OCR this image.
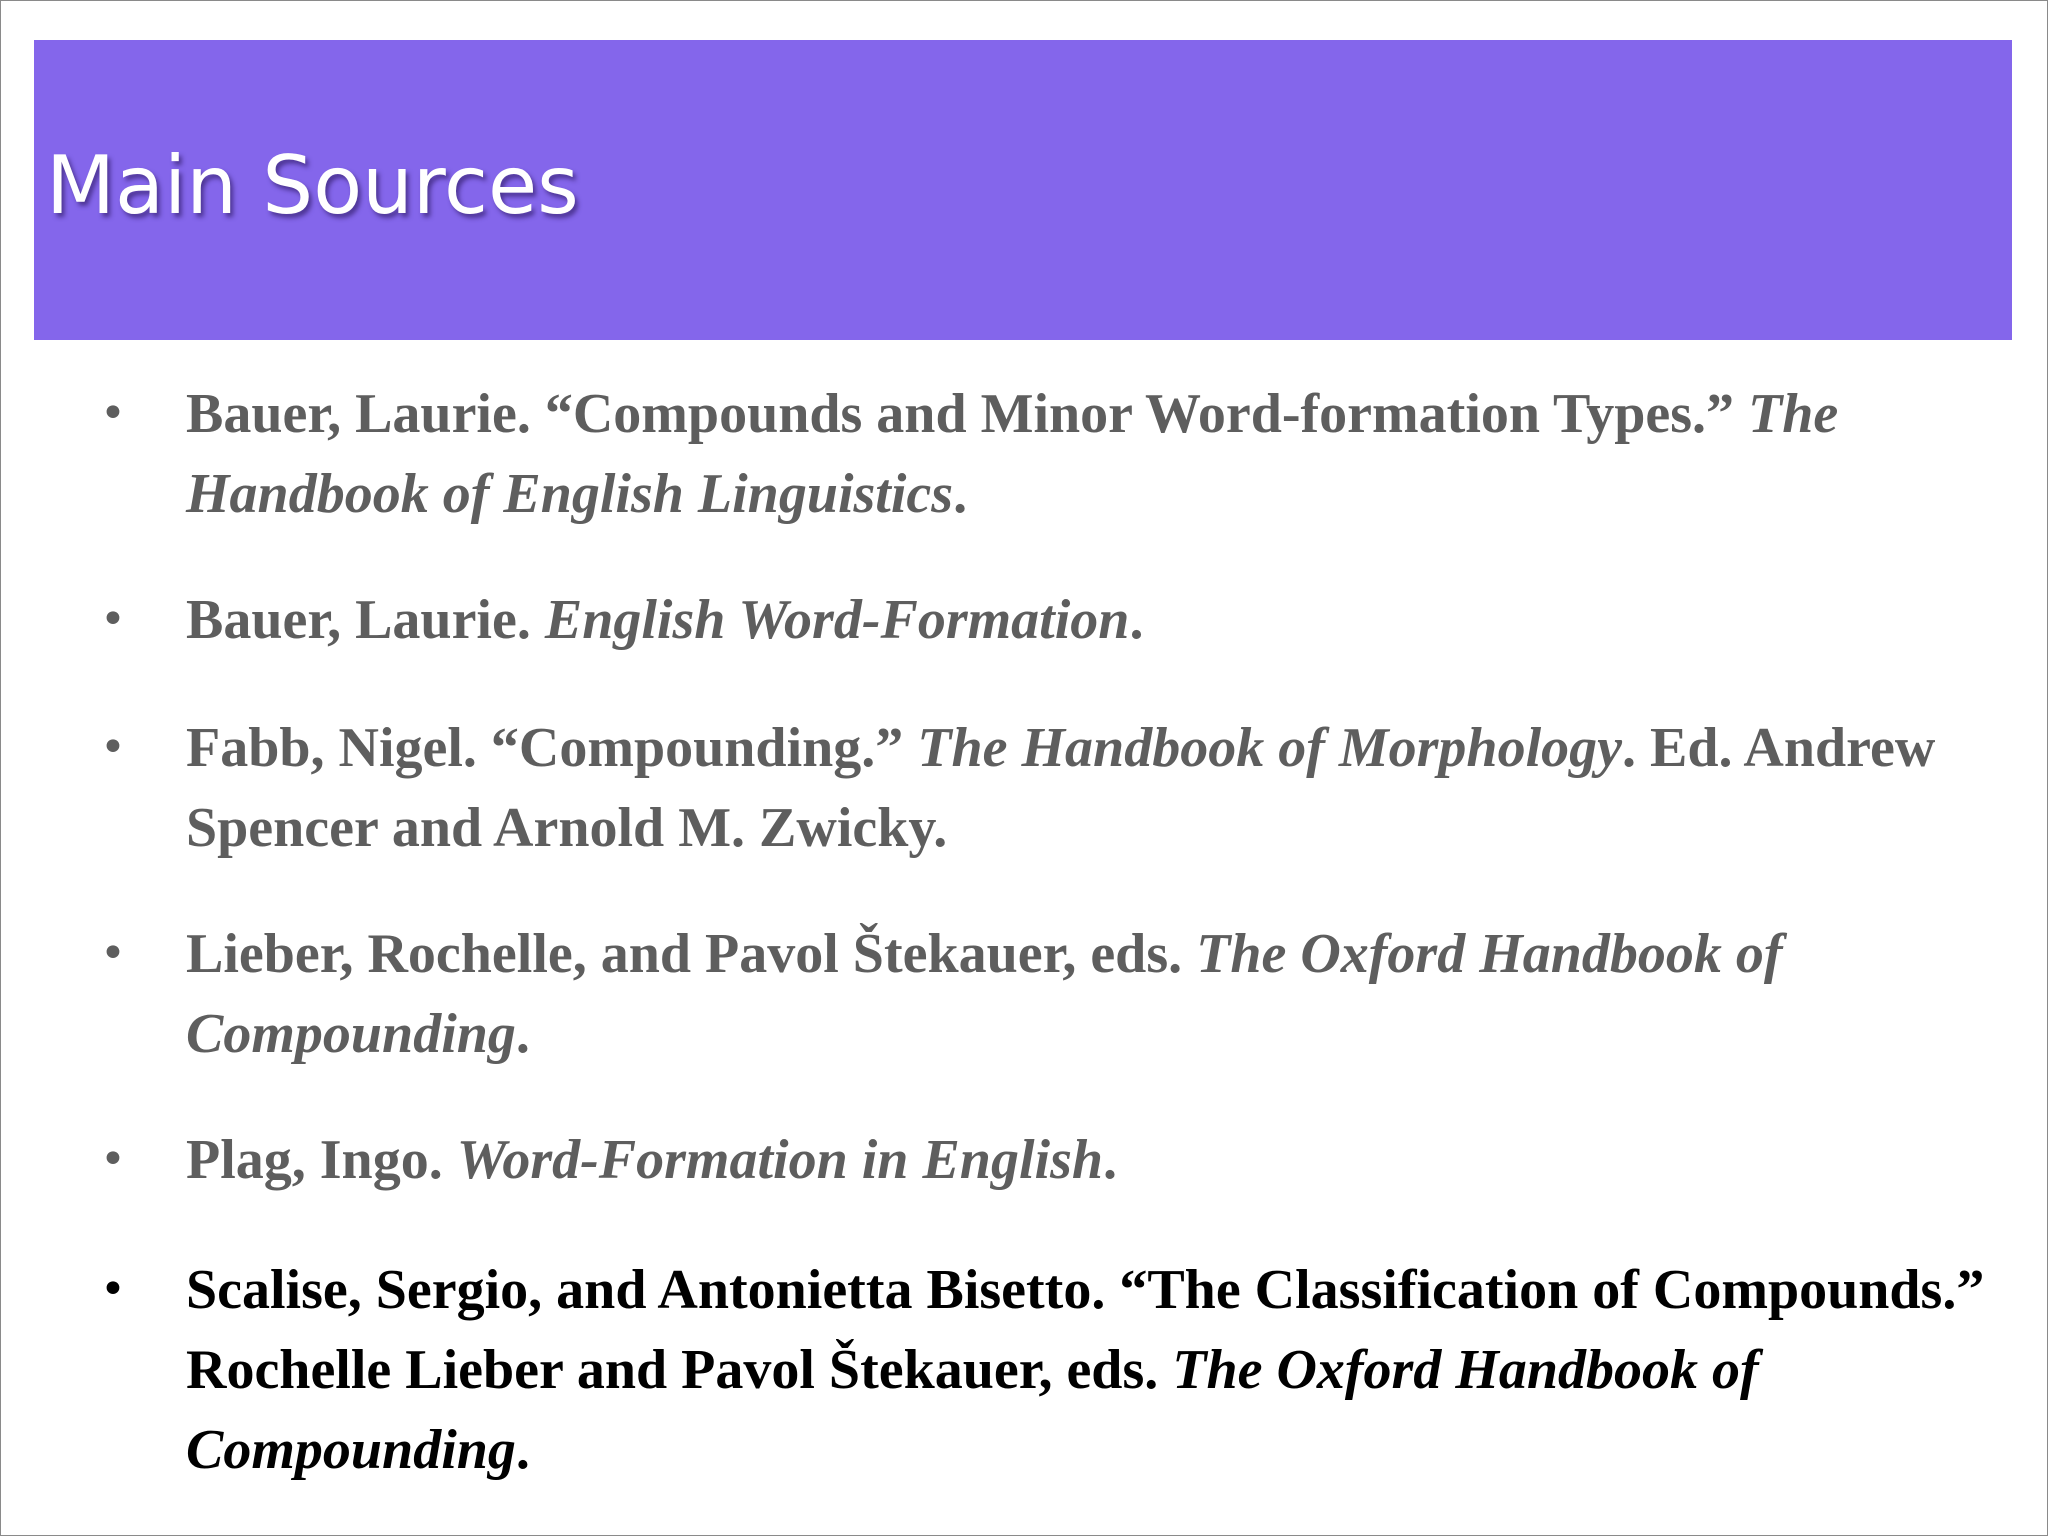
Main Sources
• Bauer, Laurie. “Compounds and Minor Word-formation Types.” The Handbook of English Linguistics.
• Bauer, Laurie. English Word-Formation.
• Fabb, Nigel. “Compounding.” The Handbook of Morphology. Ed. Andrew Spencer and Arnold M. Zwicky.
• Lieber, Rochelle, and Pavol Štekauer, eds. The Oxford Handbook of Compounding.
• Plag, Ingo. Word-Formation in English.
• Scalise, Sergio, and Antonietta Bisetto. “The Classification of Compounds.” Rochelle Lieber and Pavol Štekauer, eds. The Oxford Handbook of Compounding.
